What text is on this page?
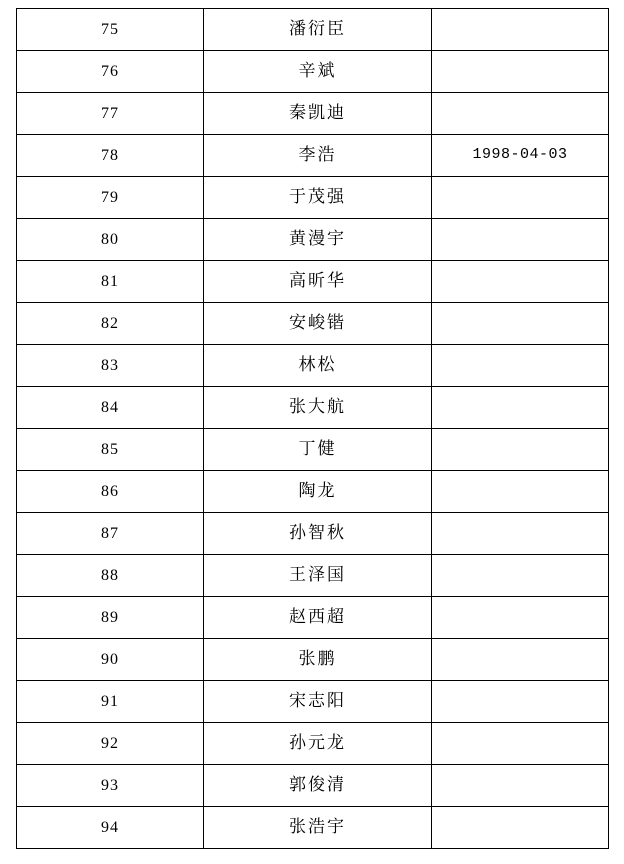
75	潘衍臣	
76	辛斌	
77	秦凯迪	
78	李浩	1998-04-03
79	于茂强	
80	黄漫宇	
81	高昕华	
82	安峻锴	
83	林松	
84	张大航	
85	丁健	
86	陶龙	
87	孙智秋	
88	王泽国	
89	赵西超	
90	张鹏	
91	宋志阳	
92	孙元龙	
93	郭俊清	
94	张浩宇	
